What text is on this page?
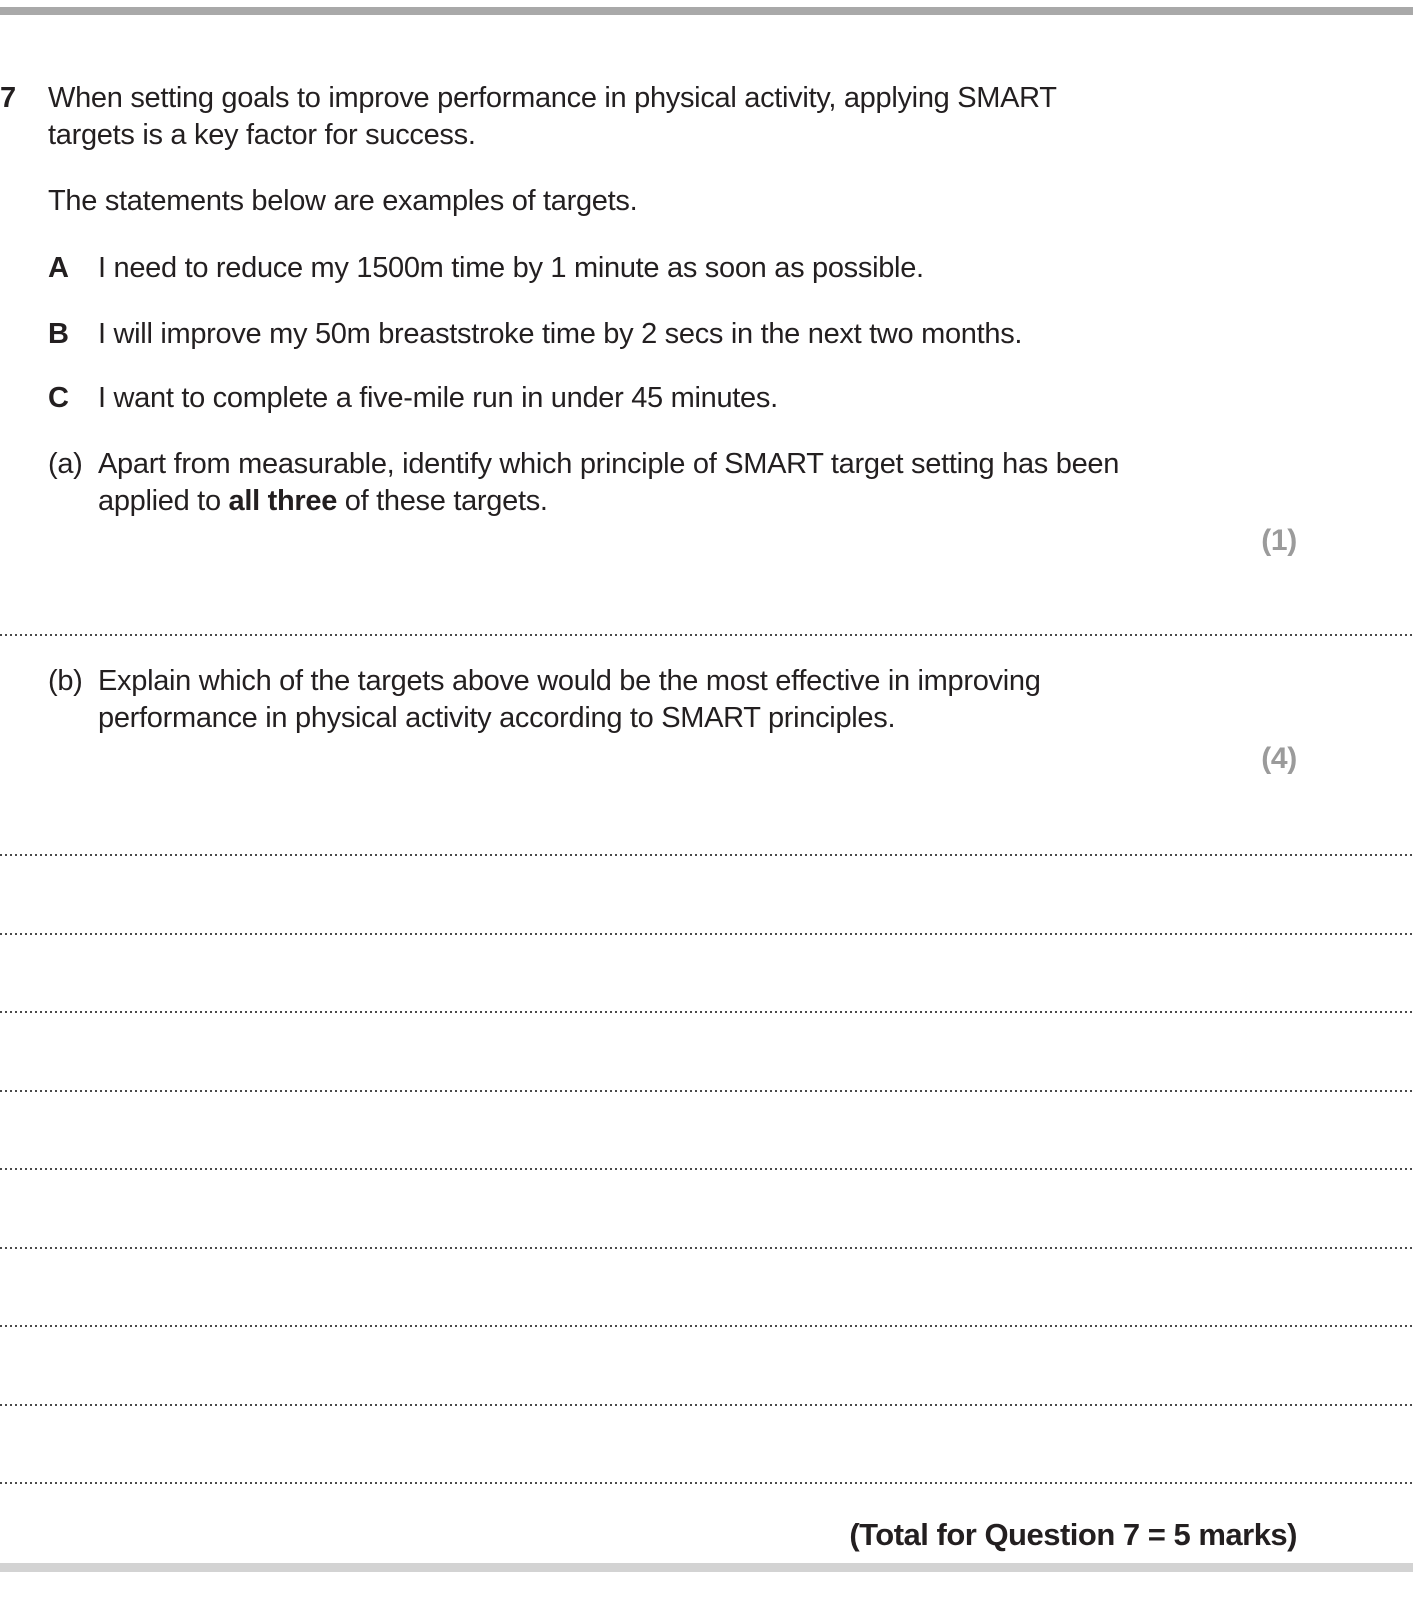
7 When setting goals to improve performance in physical activity, applying SMART
targets is a key factor for success.
The statements below are examples of targets.
A	I need to reduce my 1500m time by 1 minute as soon as possible.
B	I will improve my 50m breaststroke time by 2 secs in the next two months.
C	I want to complete a five-mile run in under 45 minutes.
(a) Apart from measurable, identify which principle of SMART target setting has been
applied to all three of these targets.
(1)
(b) Explain which of the targets above would be the most effective in improving
performance in physical activity according to SMART principles.
(4)
(Total for Question 7 = 5 marks)
